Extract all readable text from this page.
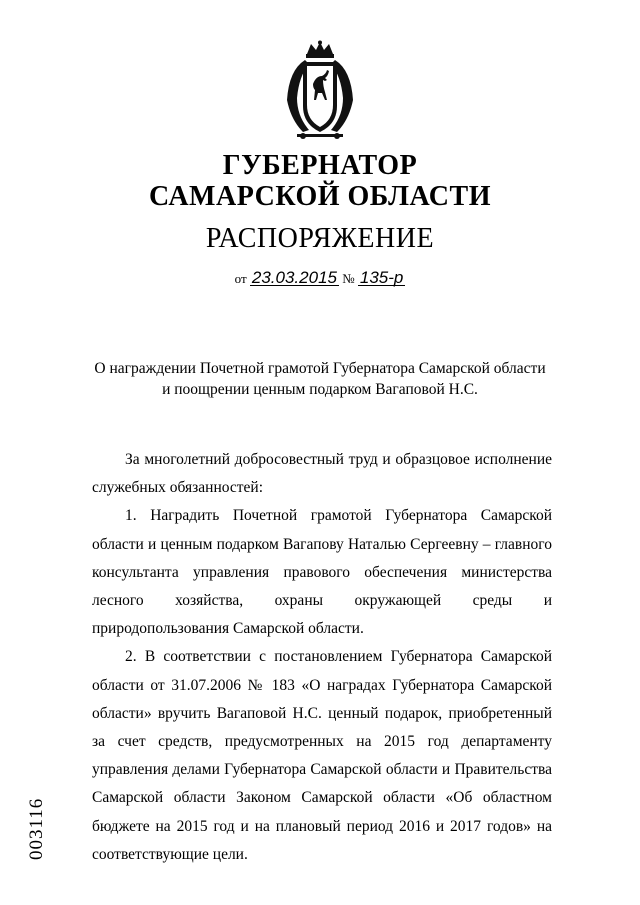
ГУБЕРНАТОР
САМАРСКОЙ ОБЛАСТИ
РАСПОРЯЖЕНИЕ
от 23.03.2015 № 135-р
О награждении Почетной грамотой Губернатора Самарской области
и поощрении ценным подарком Вагаповой Н.С.

За многолетний добросовестный труд и образцовое исполнение служебных обязанностей:

1. Наградить Почетной грамотой Губернатора Самарской области и ценным подарком Вагапову Наталью Сергеевну – главного консультанта управления правового обеспечения министерства лесного хозяйства, охраны окружающей среды и природопользования Самарской области.

2. В соответствии с постановлением Губернатора Самарской области от 31.07.2006 № 183 «О наградах Губернатора Самарской области» вручить Вагаповой Н.С. ценный подарок, приобретенный за счет средств, предусмотренных на 2015 год департаменту управления делами Губернатора Самарской области и Правительства Самарской области Законом Самарской области «Об областном бюджете на 2015 год и на плановый период 2016 и 2017 годов» на соответствующие цели.

003116
